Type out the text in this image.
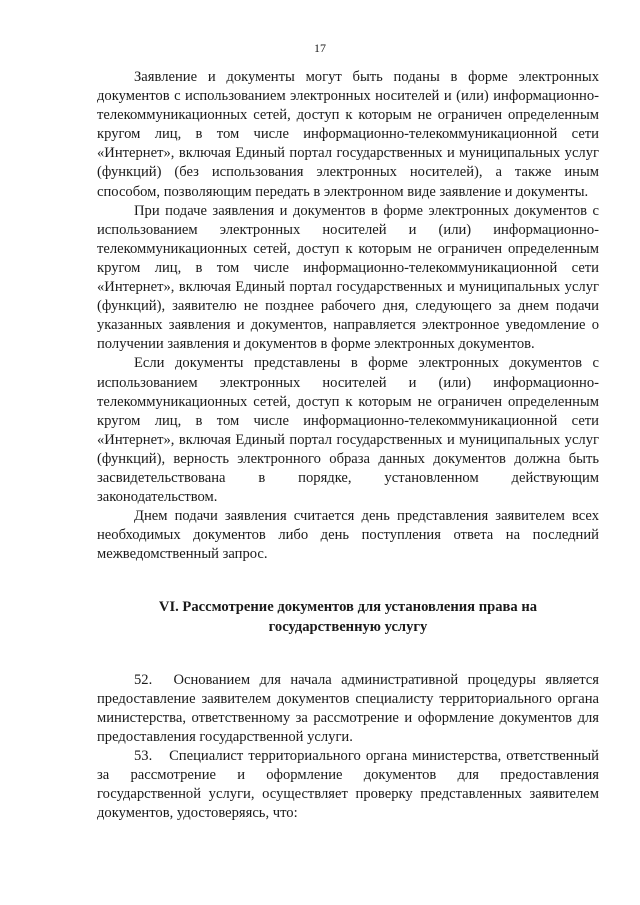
17

Заявление и документы могут быть поданы в форме электронных документов с использованием электронных носителей и (или) информационно-телекоммуникационных сетей, доступ к которым не ограничен определенным кругом лиц, в том числе информационно-телекоммуникационной сети «Интернет», включая Единый портал государственных и муниципальных услуг (функций) (без использования электронных носителей), а также иным способом, позволяющим передать в электронном виде заявление и документы.

При подаче заявления и документов в форме электронных документов с использованием электронных носителей и (или) информационно-телекоммуникационных сетей, доступ к которым не ограничен определенным кругом лиц, в том числе информационно-телекоммуникационной сети «Интернет», включая Единый портал государственных и муниципальных услуг (функций), заявителю не позднее рабочего дня, следующего за днем подачи указанных заявления и документов, направляется электронное уведомление о получении заявления и документов в форме электронных документов.

Если документы представлены в форме электронных документов с использованием электронных носителей и (или) информационно-телекоммуникационных сетей, доступ к которым не ограничен определенным кругом лиц, в том числе информационно-телекоммуникационной сети «Интернет», включая Единый портал государственных и муниципальных услуг (функций), верность электронного образа данных документов должна быть засвидетельствована в порядке, установленном действующим законодательством.

Днем подачи заявления считается день представления заявителем всех необходимых документов либо день поступления ответа на последний межведомственный запрос.

VI. Рассмотрение документов для установления права на государственную услугу

52. Основанием для начала административной процедуры является предоставление заявителем документов специалисту территориального органа министерства, ответственному за рассмотрение и оформление документов для предоставления государственной услуги.

53. Специалист территориального органа министерства, ответственный за рассмотрение и оформление документов для предоставления государственной услуги, осуществляет проверку представленных заявителем документов, удостоверяясь, что:
